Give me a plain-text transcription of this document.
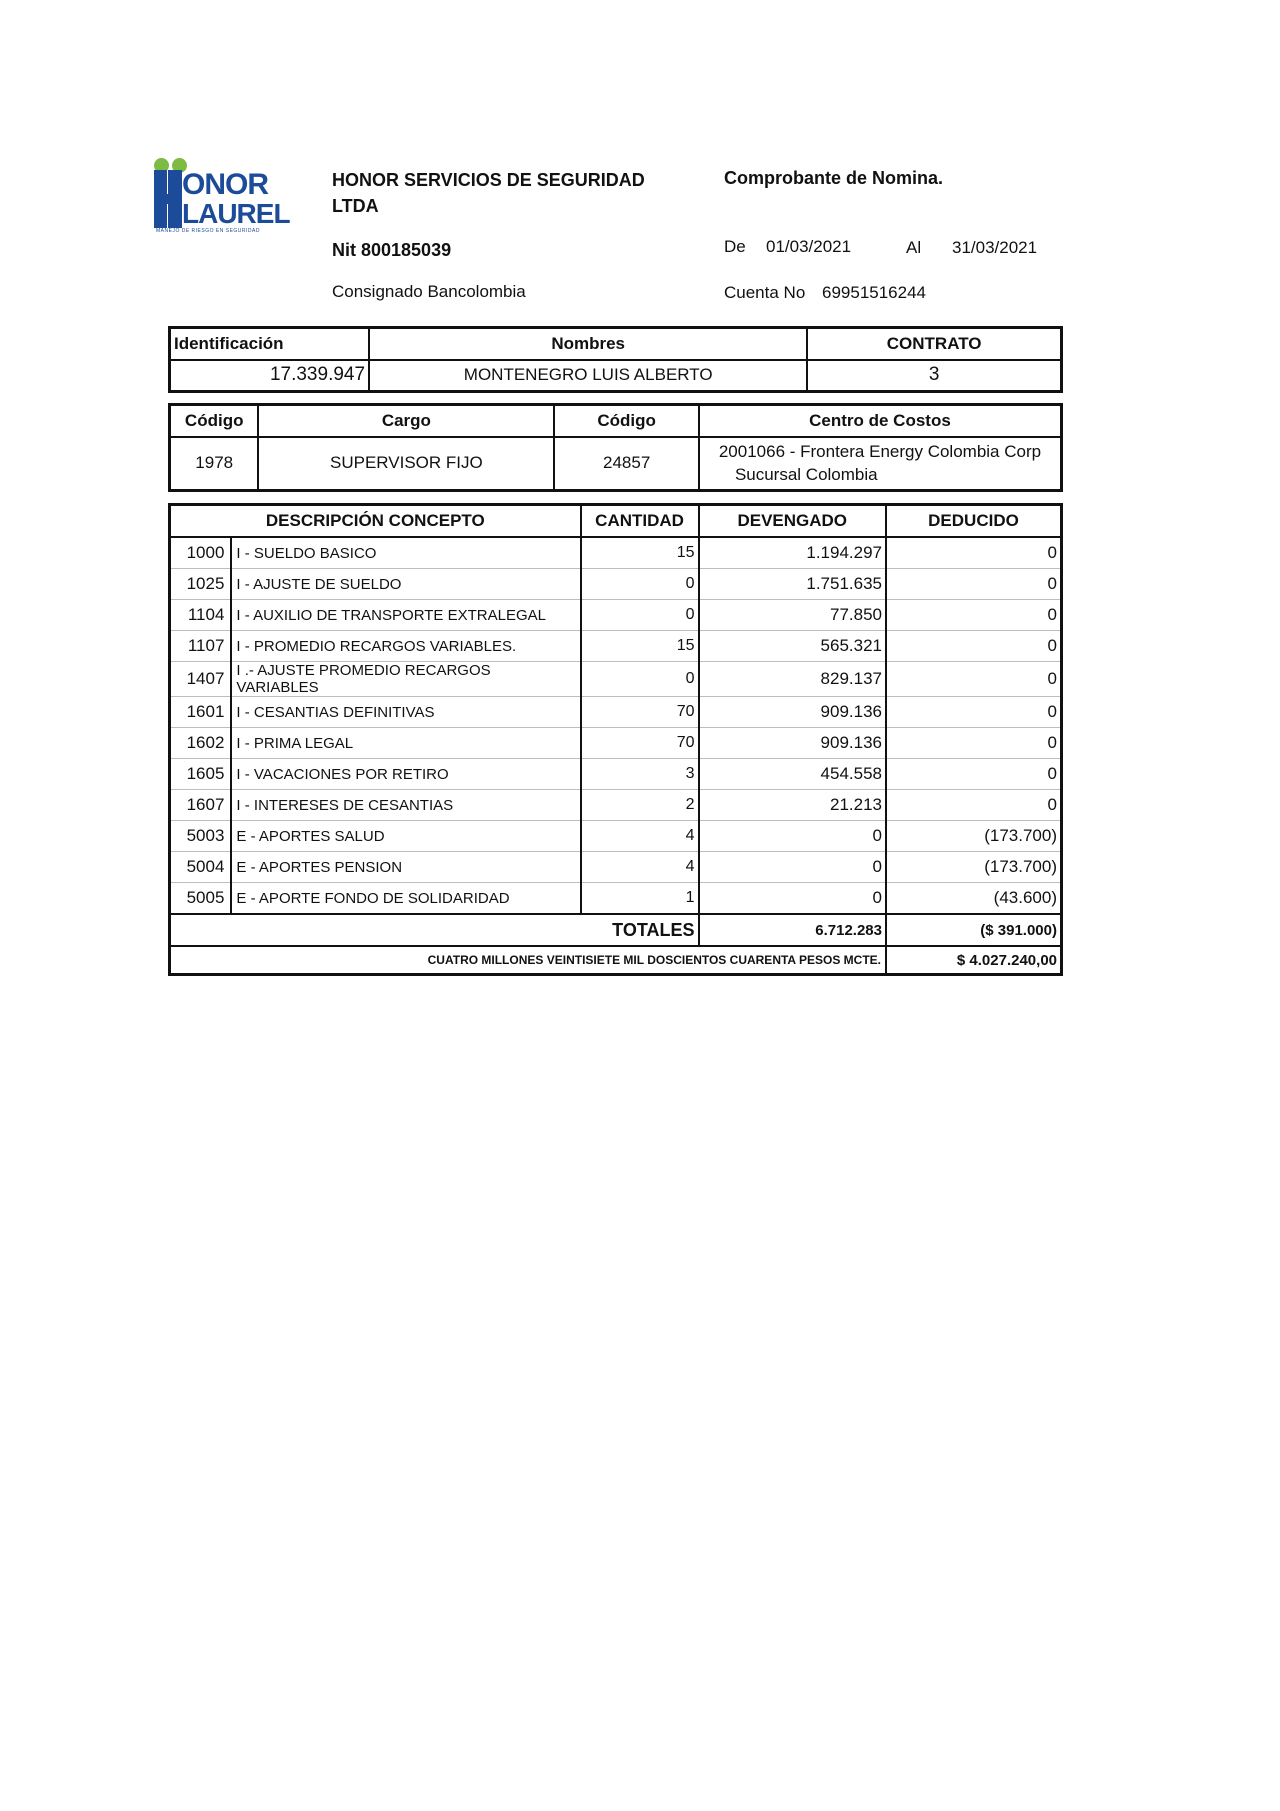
ONOR
LAUREL
MANEJO DE RIESGO EN SEGURIDAD
HONOR SERVICIOS DE SEGURIDAD
LTDA
Nit 800185039
Consignado Bancolombia
Comprobante de Nomina.
De 01/03/2021	Al 31/03/2021
Cuenta No 69951516244
Identificación	Nombres	CONTRATO
17.339.947	MONTENEGRO LUIS ALBERTO	3
Código	Cargo	Código	Centro de Costos
1978	SUPERVISOR FIJO	24857	2001066 - Frontera Energy Colombia Corp
Sucursal Colombia
DESCRIPCIÓN CONCEPTO		CANTIDAD	DEVENGADO	DEDUCIDO
1000	I - SUELDO BASICO	15	1.194.297	0
1025	I - AJUSTE DE SUELDO	0	1.751.635	0
1104	I - AUXILIO DE TRANSPORTE EXTRALEGAL	0	77.850	0
1107	I - PROMEDIO RECARGOS VARIABLES.	15	565.321	0
1407	I .- AJUSTE PROMEDIO RECARGOS VARIABLES	0	829.137	0
1601	I - CESANTIAS DEFINITIVAS	70	909.136	0
1602	I - PRIMA LEGAL	70	909.136	0
1605	I - VACACIONES POR RETIRO	3	454.558	0
1607	I - INTERESES DE CESANTIAS	2	21.213	0
5003	E - APORTES SALUD	4	0	(173.700)
5004	E - APORTES PENSION	4	0	(173.700)
5005	E - APORTE FONDO DE SOLIDARIDAD	1	0	(43.600)
TOTALES			6.712.283	($ 391.000)
CUATRO MILLONES VEINTISIETE MIL DOSCIENTOS CUARENTA PESOS MCTE.				$ 4.027.240,00
